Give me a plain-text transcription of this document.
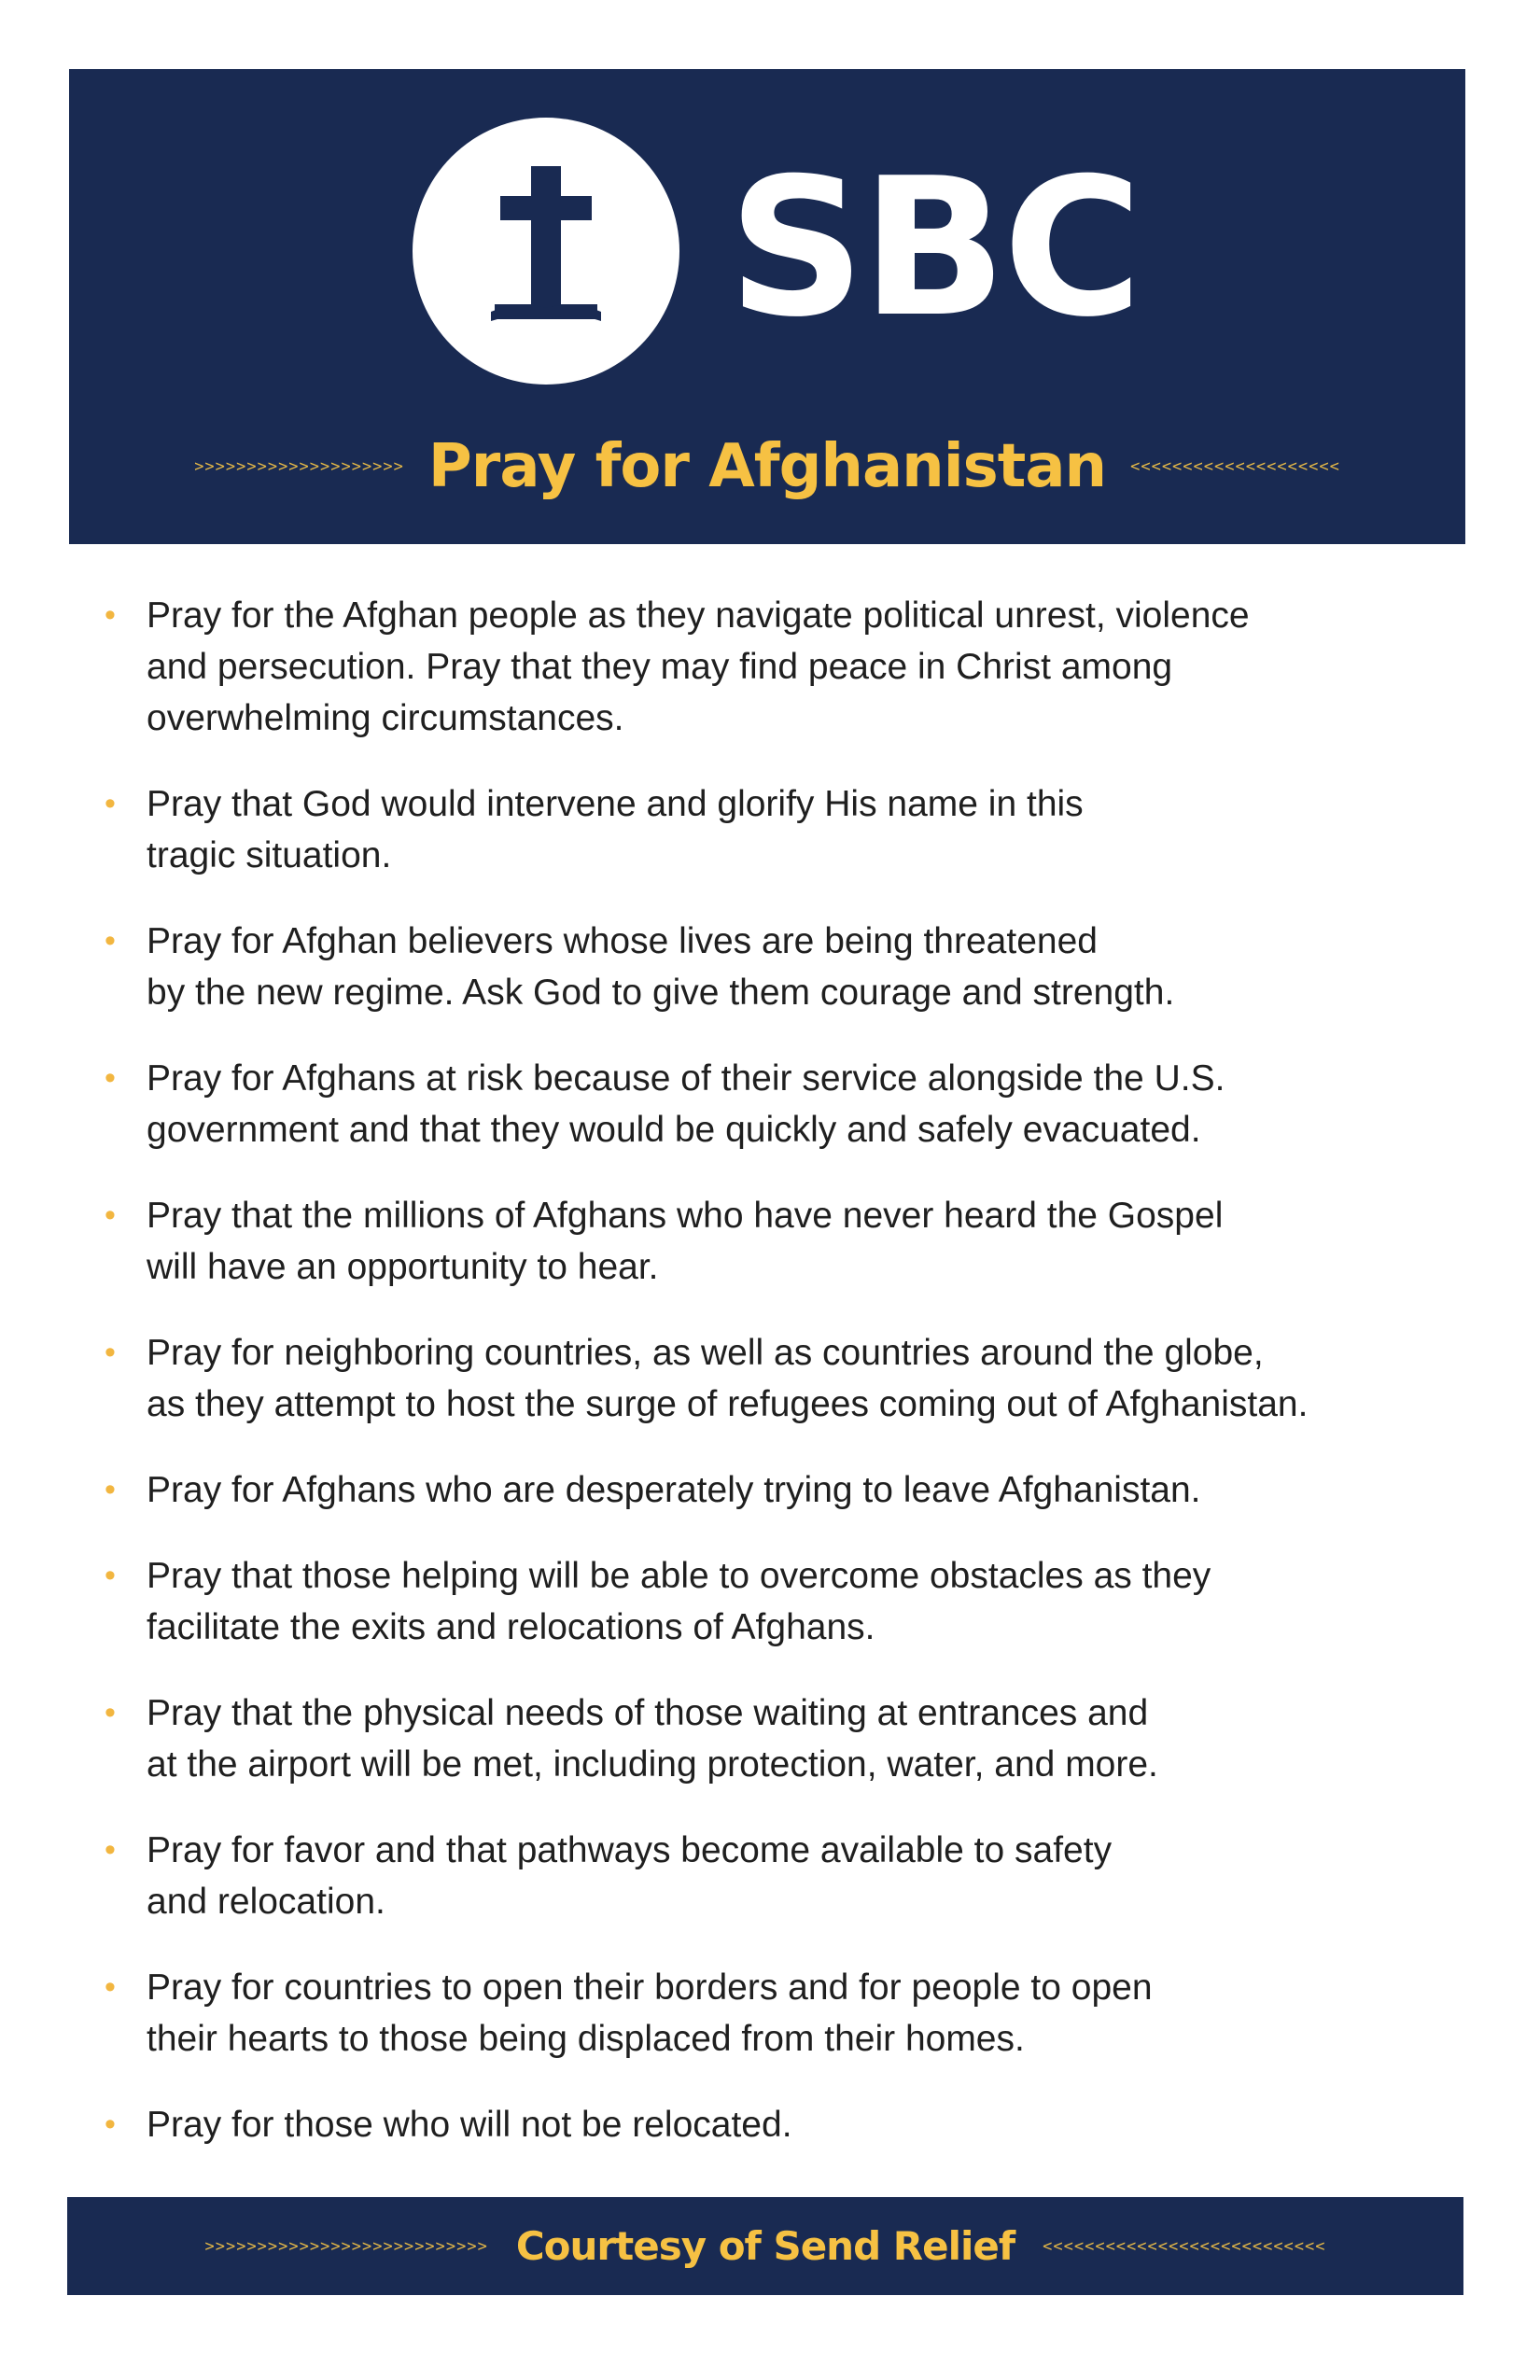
SBC
>>>>>>>>>>>>>>>>>>>> Pray for Afghanistan <<<<<<<<<<<<<<<<<<<<
• Pray for the Afghan people as they navigate political unrest, violence
and persecution. Pray that they may find peace in Christ among
overwhelming circumstances.
• Pray that God would intervene and glorify His name in this
tragic situation.
• Pray for Afghan believers whose lives are being threatened
by the new regime. Ask God to give them courage and strength.
• Pray for Afghans at risk because of their service alongside the U.S.
government and that they would be quickly and safely evacuated.
• Pray that the millions of Afghans who have never heard the Gospel
will have an opportunity to hear.
• Pray for neighboring countries, as well as countries around the globe,
as they attempt to host the surge of refugees coming out of Afghanistan.
• Pray for Afghans who are desperately trying to leave Afghanistan.
• Pray that those helping will be able to overcome obstacles as they
facilitate the exits and relocations of Afghans.
• Pray that the physical needs of those waiting at entrances and
at the airport will be met, including protection, water, and more.
• Pray for favor and that pathways become available to safety
and relocation.
• Pray for countries to open their borders and for people to open
their hearts to those being displaced from their homes.
• Pray for those who will not be relocated.
>>>>>>>>>>>>>>>>>>>>>>>>>>> Courtesy of Send Relief <<<<<<<<<<<<<<<<<<<<<<<<<<<
